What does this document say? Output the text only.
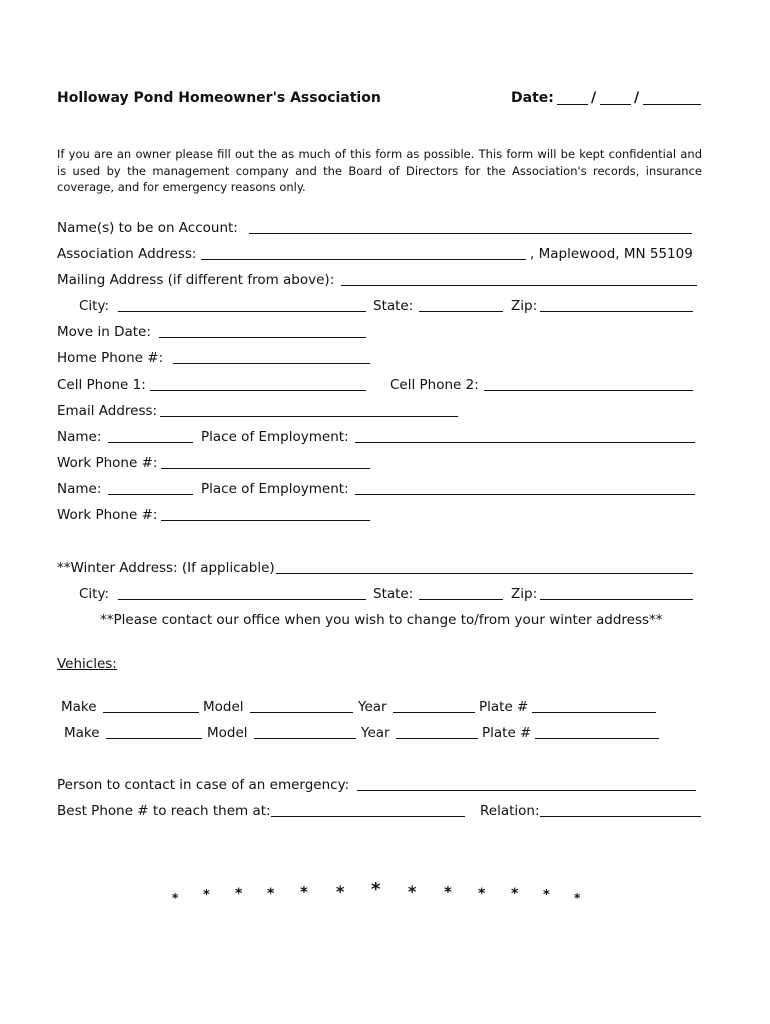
Holloway Pond Homeowner's Association	Date:	/	/
If you are an owner please fill out the as much of this form as possible. This form will be kept confidential and is used by the management company and the Board of Directors for the Association's records, insurance coverage, and for emergency reasons only.
Name(s) to be on Account:
Association Address:	, Maplewood, MN 55109
Mailing Address (if different from above):
City:	State:	Zip:
Move in Date:
Home Phone #:
Cell Phone 1:	Cell Phone 2:
Email Address:
Name:	Place of Employment:
Work Phone #:
Name:	Place of Employment:
Work Phone #:
**Winter Address: (If applicable)
City:	State:	Zip:
**Please contact our office when you wish to change to/from your winter address**
Vehicles:
Make	Model	Year	Plate #
Make	Model	Year	Plate #
Person to contact in case of an emergency:
Best Phone # to reach them at:	Relation:
* * * * * * * * * * * * *
